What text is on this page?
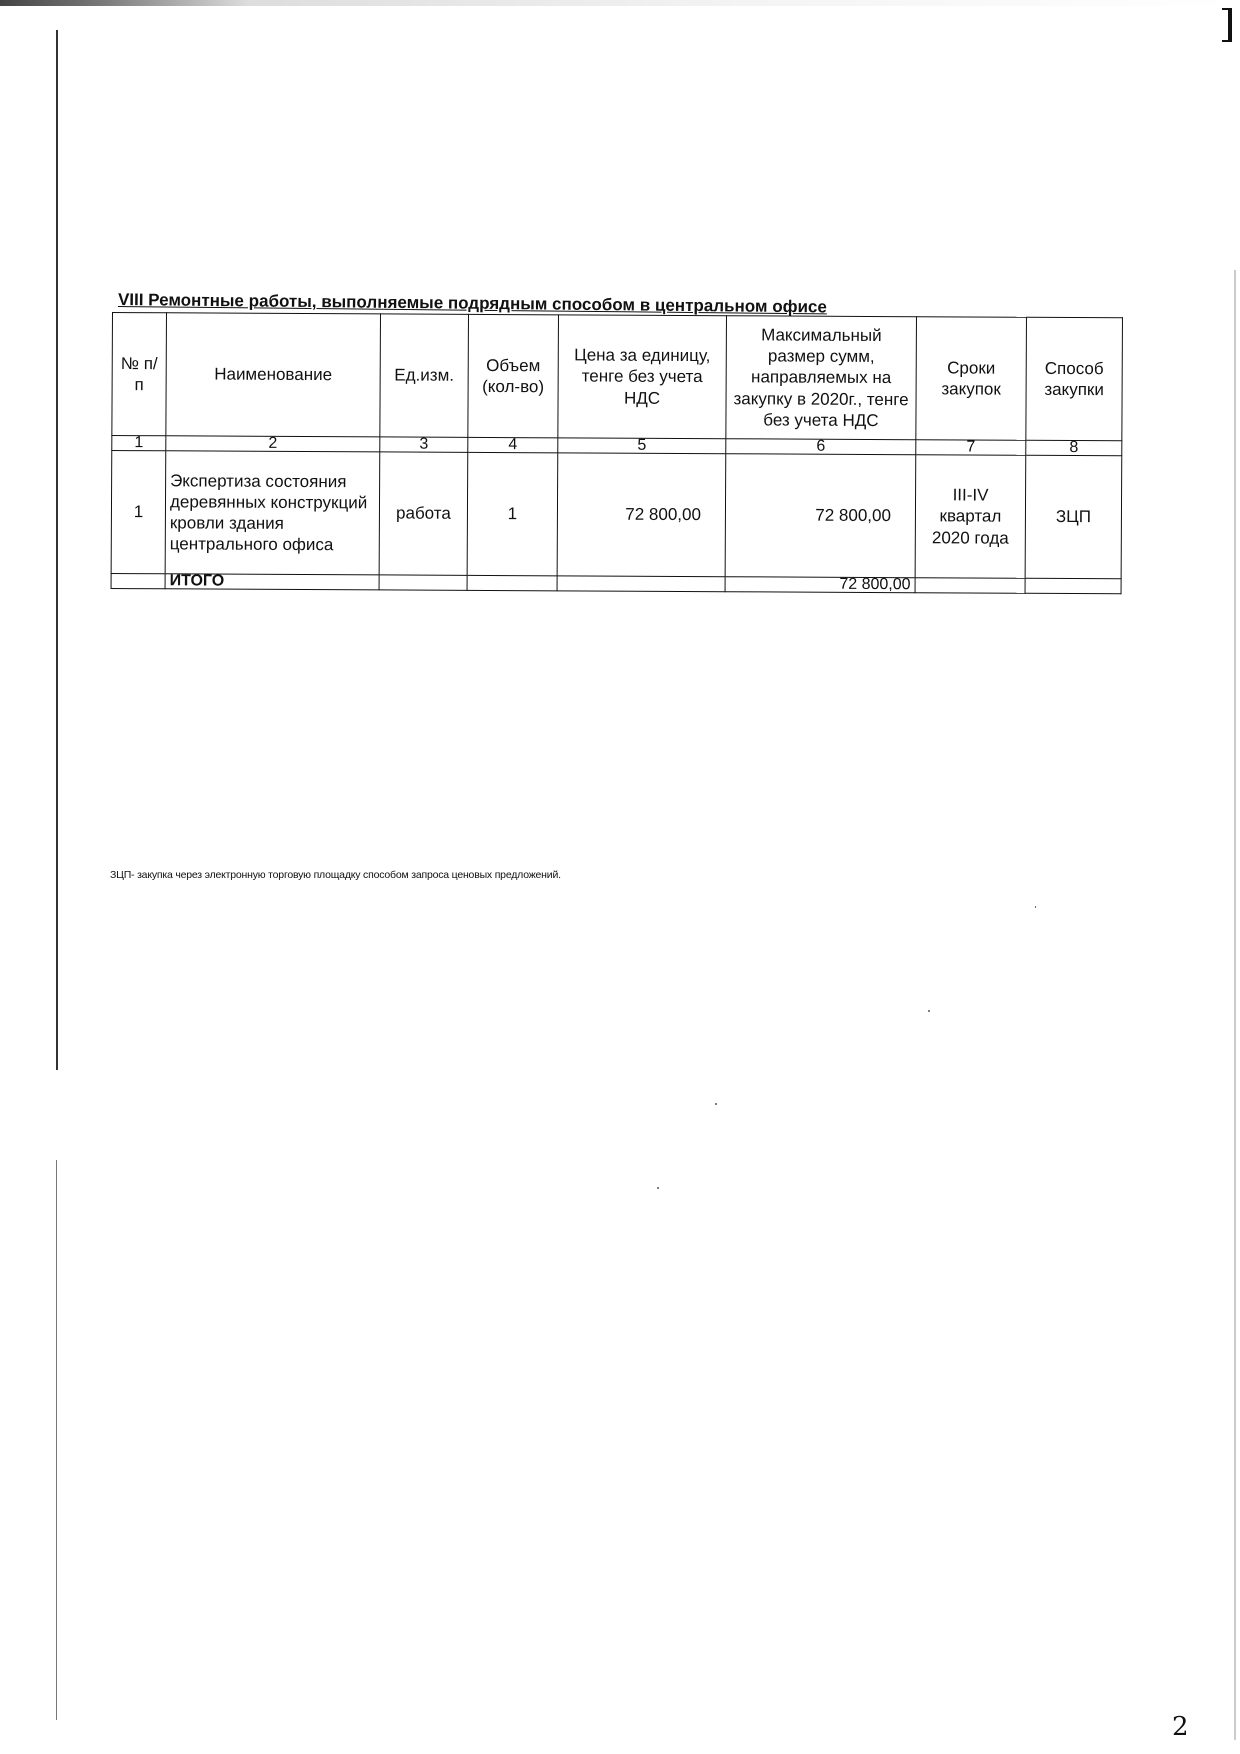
VIII Ремонтные работы, выполняемые подрядным способом в центральном офисе
№ п/п	Наименование	Ед.изм.	Объем (кол-во)	Цена за единицу, тенге без учета НДС	Максимальный размер сумм, направляемых на закупку в 2020г., тенге без учета НДС	Сроки закупок	Способ закупки
1	2	3	4	5	6	7	8
1	Экспертиза состояния деревянных конструкций кровли здания центрального офиса	работа	1	72 800,00	72 800,00	III-IV квартал 2020 года	ЗЦП
	ИТОГО				72 800,00		
ЗЦП- закупка через электронную торговую площадку способом запроса ценовых предложений.
2
